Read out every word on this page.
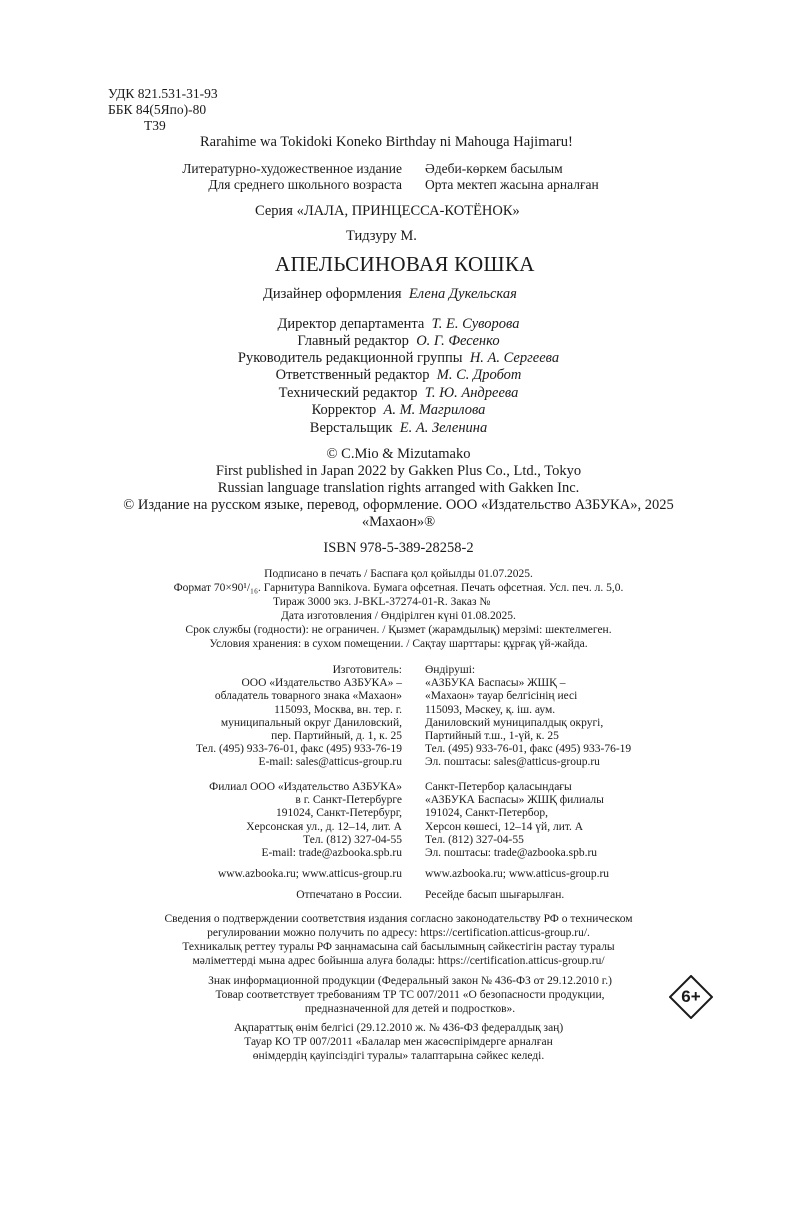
УДК 821.531-31-93
ББК 84(5Япо)-80
Т39
Rarahime wa Tokidoki Koneko Birthday ni Mahouga Hajimaru!
Литературно-художественное издание Әдеби-көркем басылым
Для среднего школьного возраста Орта мектеп жасына арналған
Серия «ЛАЛА, ПРИНЦЕССА-КОТЁНОК»
Тидзуру М.
АПЕЛЬСИНОВАЯ КОШКА
Дизайнер оформления Елена Дукельская
Директор департамента Т. Е. Суворова
Главный редактор О. Г. Фесенко
Руководитель редакционной группы Н. А. Сергеева
Ответственный редактор М. С. Дробот
Технический редактор Т. Ю. Андреева
Корректор А. М. Магрилова
Верстальщик Е. А. Зеленина
© C.Mio & Mizutamako
First published in Japan 2022 by Gakken Plus Co., Ltd., Tokyo
Russian language translation rights arranged with Gakken Inc.
© Издание на русском языке, перевод, оформление. ООО «Издательство АЗБУКА», 2025
«Махаон»®
ISBN 978-5-389-28258-2
Подписано в печать / Баспаға қол қойылды 01.07.2025.
Формат 70×90¹/₁₆. Гарнитура Bannikova. Бумага офсетная. Печать офсетная. Усл. печ. л. 5,0.
Тираж 3000 экз. J-BKL-37274-01-R. Заказ №
Дата изготовления / Өндірілген күні 01.08.2025.
Срок службы (годности): не ограничен. / Қызмет (жарамдылық) мерзімі: шектелмеген.
Условия хранения: в сухом помещении. / Сақтау шарттары: құрғақ үй-жайда.
Изготовитель:
ООО «Издательство АЗБУКА» –
обладатель товарного знака «Махаон»
115093, Москва, вн. тер. г.
муниципальный округ Даниловский,
пер. Партийный, д. 1, к. 25
Тел. (495) 933-76-01, факс (495) 933-76-19
E-mail: sales@atticus-group.ru
Өндіруші:
«АЗБУКА Баспасы» ЖШҚ –
«Махаон» тауар белгісінің иесі
115093, Мәскеу, қ. іш. аум.
Даниловский муниципалдық округі,
Партийный т.ш., 1-үй, к. 25
Тел. (495) 933-76-01, факс (495) 933-76-19
Эл. поштасы: sales@atticus-group.ru
Филиал ООО «Издательство АЗБУКА»
в г. Санкт-Петербурге
191024, Санкт-Петербург,
Херсонская ул., д. 12–14, лит. А
Тел. (812) 327-04-55
E-mail: trade@azbooka.spb.ru
Санкт-Петербор қаласындағы
«АЗБУКА Баспасы» ЖШҚ филиалы
191024, Санкт-Петербор,
Херсон көшесі, 12–14 үй, лит. А
Тел. (812) 327-04-55
Эл. поштасы: trade@azbooka.spb.ru
www.azbooka.ru; www.atticus-group.ru www.azbooka.ru; www.atticus-group.ru
Отпечатано в России. Ресейде басып шығарылған.
Сведения о подтверждении соответствия издания согласно законодательству РФ о техническом
регулировании можно получить по адресу: https://certification.atticus-group.ru/.
Техникалық реттеу туралы РФ заңнамасына сай басылымның сәйкестігін растау туралы
мәліметтерді мына адрес бойынша алуға болады: https://certification.atticus-group.ru/
Знак информационной продукции (Федеральный закон № 436-ФЗ от 29.12.2010 г.)
Товар соответствует требованиям ТР ТС 007/2011 «О безопасности продукции,
предназначенной для детей и подростков».
6+
Ақпараттық өнім белгісі (29.12.2010 ж. № 436-ФЗ федералдық заң)
Тауар КО ТР 007/2011 «Балалар мен жасөспірімдерге арналған
өнімдердің қауіпсіздігі туралы» талаптарына сәйкес келеді.
